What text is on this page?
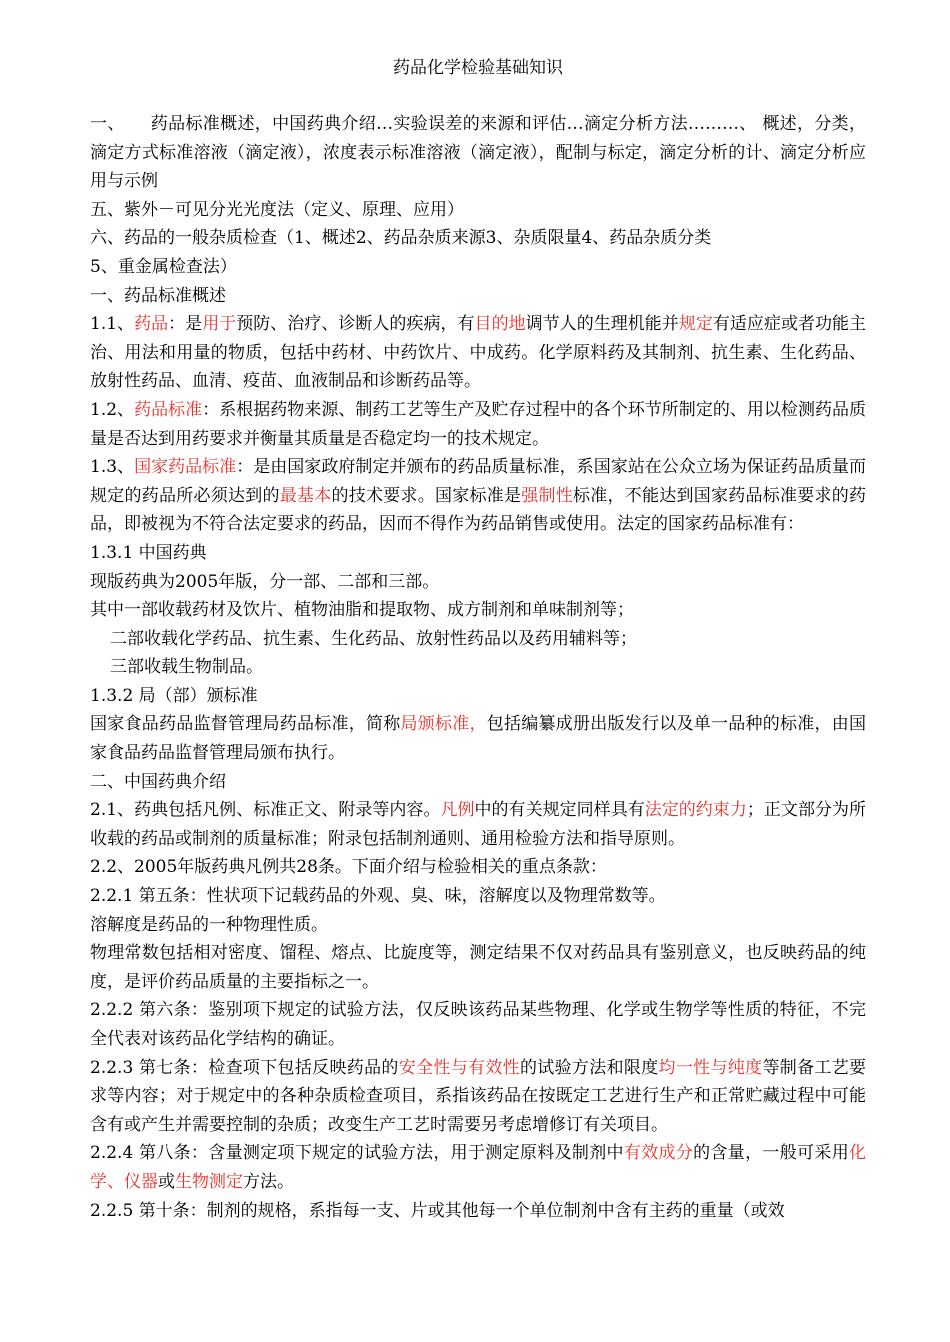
药品化学检验基础知识

一、　　药品标准概述，中国药典介绍…实验误差的来源和评估…滴定分析方法………、 概述，分类，滴定方式标准溶液（滴定液），浓度表示标准溶液（滴定液），配制与标定，滴定分析的计、滴定分析应用与示例

五、紫外－可见分光光度法（定义、原理、应用）

六、药品的一般杂质检查（1、概述2、药品杂质来源3、杂质限量4、药品杂质分类

5、重金属检查法）

一、药品标准概述

1.1、药品：是用于预防、治疗、诊断人的疾病，有目的地调节人的生理机能并规定有适应症或者功能主治、用法和用量的物质，包括中药材、中药饮片、中成药。化学原料药及其制剂、抗生素、生化药品、放射性药品、血清、疫苗、血液制品和诊断药品等。

1.2、药品标准：系根据药物来源、制药工艺等生产及贮存过程中的各个环节所制定的、用以检测药品质量是否达到用药要求并衡量其质量是否稳定均一的技术规定。

1.3、国家药品标准：是由国家政府制定并颁布的药品质量标准，系国家站在公众立场为保证药品质量而规定的药品所必须达到的最基本的技术要求。国家标准是强制性标准，不能达到国家药品标准要求的药品，即被视为不符合法定要求的药品，因而不得作为药品销售或使用。法定的国家药品标准有：

1.3.1 中国药典

现版药典为2005年版，分一部、二部和三部。

其中一部收载药材及饮片、植物油脂和提取物、成方制剂和单味制剂等；

二部收载化学药品、抗生素、生化药品、放射性药品以及药用辅料等；

三部收载生物制品。

1.3.2 局（部）颁标准

国家食品药品监督管理局药品标准，简称局颁标准，包括编纂成册出版发行以及单一品种的标准，由国家食品药品监督管理局颁布执行。

二、中国药典介绍

2.1、药典包括凡例、标准正文、附录等内容。凡例中的有关规定同样具有法定的约束力；正文部分为所收载的药品或制剂的质量标准；附录包括制剂通则、通用检验方法和指导原则。

2.2、2005年版药典凡例共28条。下面介绍与检验相关的重点条款：

2.2.1 第五条：性状项下记载药品的外观、臭、味，溶解度以及物理常数等。

溶解度是药品的一种物理性质。

物理常数包括相对密度、馏程、熔点、比旋度等，测定结果不仅对药品具有鉴别意义，也反映药品的纯度，是评价药品质量的主要指标之一。

2.2.2 第六条：鉴别项下规定的试验方法，仅反映该药品某些物理、化学或生物学等性质的特征，不完全代表对该药品化学结构的确证。

2.2.3 第七条：检查项下包括反映药品的安全性与有效性的试验方法和限度均一性与纯度等制备工艺要求等内容；对于规定中的各种杂质检查项目，系指该药品在按既定工艺进行生产和正常贮藏过程中可能含有或产生并需要控制的杂质；改变生产工艺时需要另考虑增修订有关项目。

2.2.4 第八条：含量测定项下规定的试验方法，用于测定原料及制剂中有效成分的含量，一般可采用化学、仪器或生物测定方法。

2.2.5 第十条：制剂的规格，系指每一支、片或其他每一个单位制剂中含有主药的重量（或效
